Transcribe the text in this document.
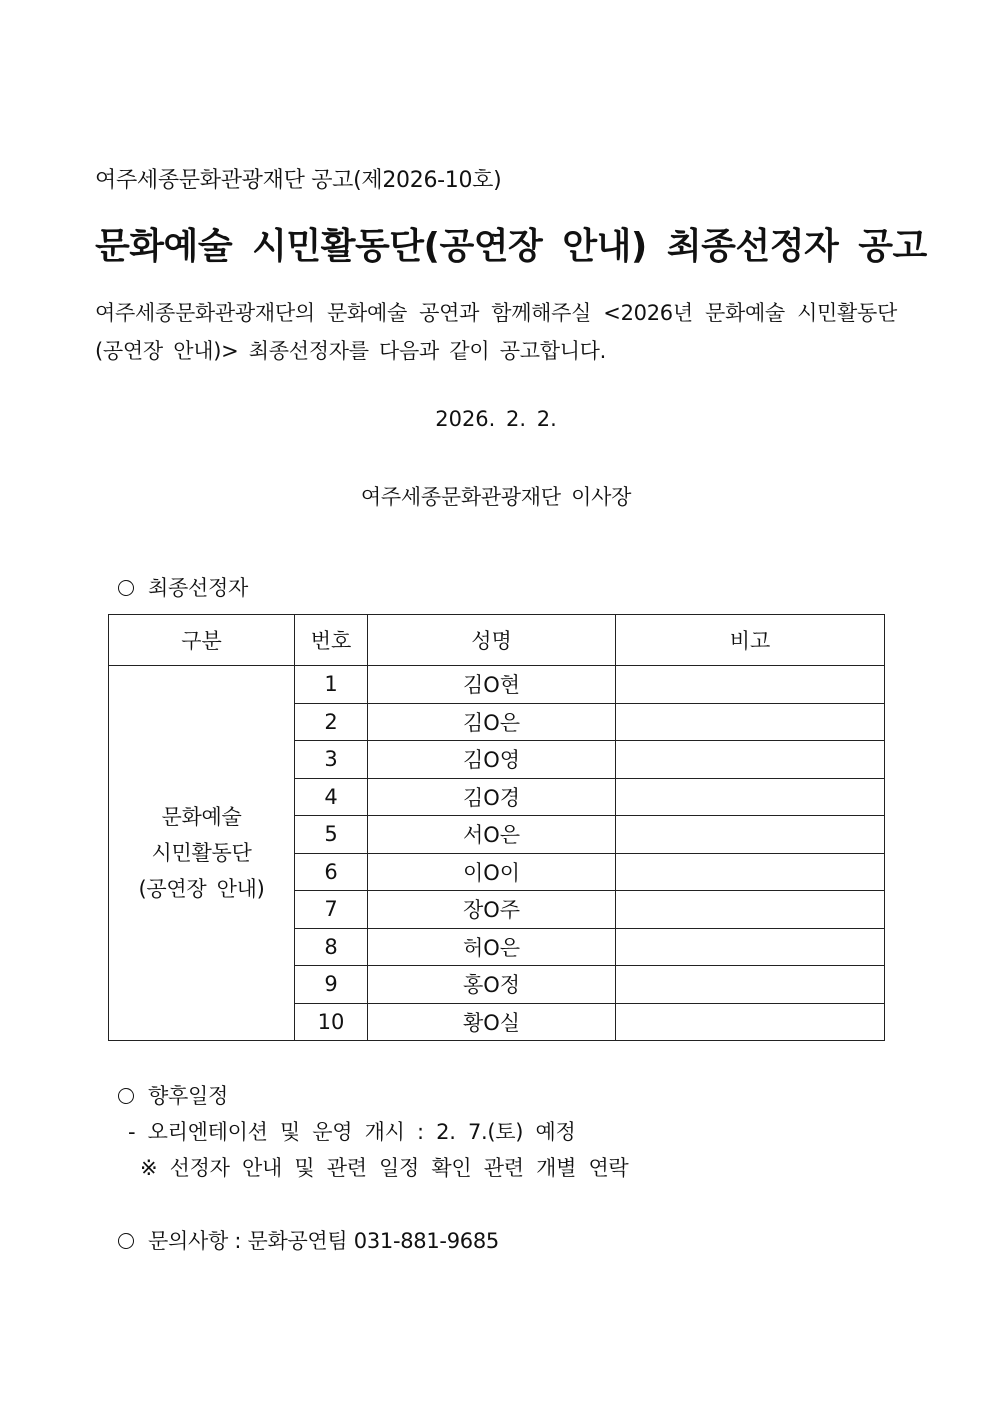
여주세종문화관광재단 공고(제2026-10호)
문화예술 시민활동단(공연장 안내) 최종선정자 공고
여주세종문화관광재단의 문화예술 공연과 함께해주실 <2026년 문화예술 시민활동단(공연장 안내)> 최종선정자를 다음과 같이 공고합니다.
2026. 2. 2.
여주세종문화관광재단 이사장
최종선정자
구분	번호	성명	비고

문화예술
시민활동단
(공연장 안내)	1	김O현	
	2	김O은	
	3	김O영	
	4	김O경	
	5	서O은	
	6	이O이	
	7	장O주	
	8	허O은	
	9	홍O정	
	10	황O실	
향후일정
- 오리엔테이션 및 운영 개시 : 2. 7.(토) 예정
※ 선정자 안내 및 관련 일정 확인 관련 개별 연락
문의사항 : 문화공연팀 031-881-9685
